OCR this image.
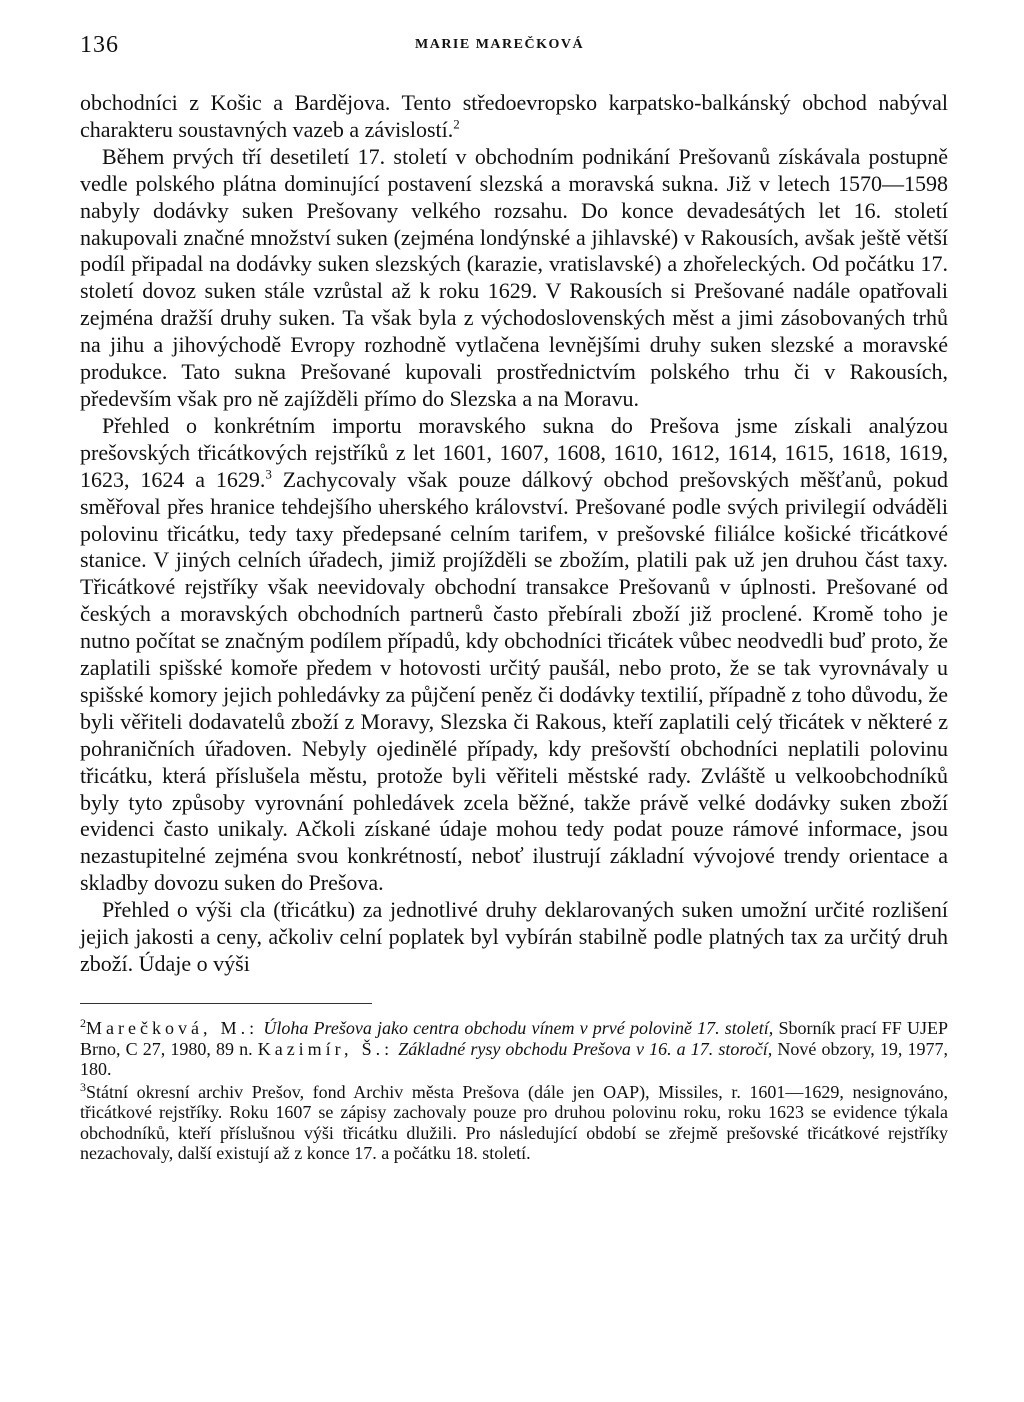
136	MARIE MAREČKOVÁ

obchodníci z Košic a Bardějova. Tento středoevropsko karpatsko-balkánský obchod nabýval charakteru soustavných vazeb a závislostí.$^2$

Během prvých tří desetiletí 17. století v obchodním podnikání Prešovanů získávala postupně vedle polského plátna dominující postavení slezská a moravská sukna. Již v letech 1570—1598 nabyly dodávky suken Prešovany velkého rozsahu. Do konce devadesátých let 16. století nakupovali značné množství suken (zejména londýnské a jihlavské) v Rakousích, avšak ještě větší podíl připadal na dodávky suken slezských (karazie, vratislavské) a zhořeleckých. Od počátku 17. století dovoz suken stále vzrůstal až k roku 1629. V Rakousích si Prešované nadále opatřovali zejména dražší druhy suken. Ta však byla z východoslovenských měst a jimi zásobovaných trhů na jihu a jihovýchodě Evropy rozhodně vytlačena levnějšími druhy suken slezské a moravské produkce. Tato sukna Prešované kupovali prostřednictvím polského trhu či v Rakousích, především však pro ně zajížděli přímo do Slezska a na Moravu.

Přehled o konkrétním importu moravského sukna do Prešova jsme získali analýzou prešovských třicátkových rejstříků z let 1601, 1607, 1608, 1610, 1612, 1614, 1615, 1618, 1619, 1623, 1624 a 1629.$^3$ Zachycovaly však pouze dálkový obchod prešovských měšťanů, pokud směřoval přes hranice tehdejšího uherského království. Prešované podle svých privilegií odváděli polovinu třicátku, tedy taxy předepsané celním tarifem, v prešovské filiálce košické třicátkové stanice. V jiných celních úřadech, jimiž projížděli se zbožím, platili pak už jen druhou část taxy. Třicátkové rejstříky však neevidovaly obchodní transakce Prešovanů v úplnosti. Prešované od českých a moravských obchodních partnerů často přebírali zboží již proclené. Kromě toho je nutno počítat se značným podílem případů, kdy obchodníci třicátek vůbec neodvedli buď proto, že zaplatili spišské komoře předem v hotovosti určitý paušál, nebo proto, že se tak vyrovnávaly u spišské komory jejich pohledávky za půjčení peněz či dodávky textilií, případně z toho důvodu, že byli věřiteli dodavatelů zboží z Moravy, Slezska či Rakous, kteří zaplatili celý třicátek v některé z pohraničních úřadoven. Nebyly ojedinělé případy, kdy prešovští obchodníci neplatili polovinu třicátku, která příslušela městu, protože byli věřiteli městské rady. Zvláště u velkoobchodníků byly tyto způsoby vyrovnání pohledávek zcela běžné, takže právě velké dodávky suken zboží evidenci často unikaly. Ačkoli získané údaje mohou tedy podat pouze rámové informace, jsou nezastupitelné zejména svou konkrétností, neboť ilustrují základní vývojové trendy orientace a skladby dovozu suken do Prešova.

Přehled o výši cla (třicátku) za jednotlivé druhy deklarovaných suken umožní určité rozlišení jejich jakosti a ceny, ačkoliv celní poplatek byl vybírán stabilně podle platných tax za určitý druh zboží. Údaje o výši

$^2$Marečková, M.: Úloha Prešova jako centra obchodu vínem v prvé polovině 17. století, Sborník prací FF UJEP Brno, C 27, 1980, 89 n. Kazimír, Š.: Základné rysy obchodu Prešova v 16. a 17. storočí, Nové obzory, 19, 1977, 180.

$^3$Státní okresní archiv Prešov, fond Archiv města Prešova (dále jen OAP), Missiles, r. 1601—1629, nesignováno, třicátkové rejstříky. Roku 1607 se zápisy zachovaly pouze pro druhou polovinu roku, roku 1623 se evidence týkala obchodníků, kteří příslušnou výši třicátku dlužili. Pro následující období se zřejmě prešovské třicátkové rejstříky nezachovaly, další existují až z konce 17. a počátku 18. století.
